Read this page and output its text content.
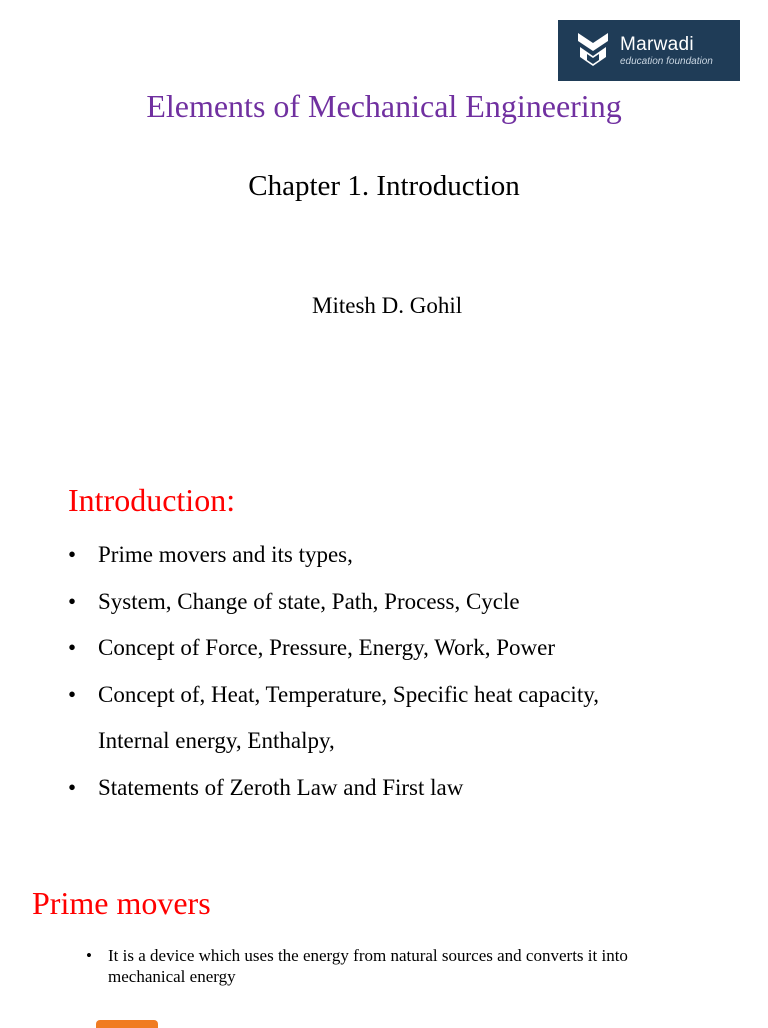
Marwadi
education foundation
Elements of Mechanical Engineering
Chapter 1. Introduction

Mitesh D. Gohil

Introduction:
• Prime movers and its types,
• System, Change of state, Path, Process, Cycle
• Concept of Force, Pressure, Energy, Work, Power
• Concept of, Heat, Temperature, Specific heat capacity,
Internal energy, Enthalpy,
• Statements of Zeroth Law and First law
Prime movers
• It is a device which uses the energy from natural sources and converts it into mechanical energy
